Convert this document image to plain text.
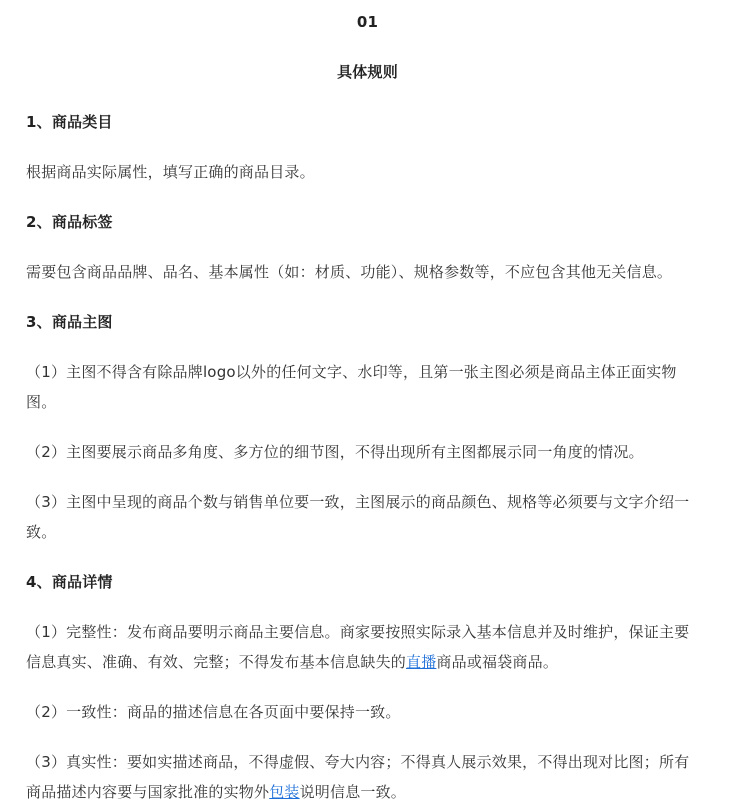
01
具体规则
1、商品类目
根据商品实际属性，填写正确的商品目录。
2、商品标签
需要包含商品品牌、品名、基本属性（如：材质、功能）、规格参数等，不应包含其他无关信息。
3、商品主图
（1）主图不得含有除品牌logo以外的任何文字、水印等，且第一张主图必须是商品主体正面实物
图。
（2）主图要展示商品多角度、多方位的细节图，不得出现所有主图都展示同一角度的情况。
（3）主图中呈现的商品个数与销售单位要一致，主图展示的商品颜色、规格等必须要与文字介绍一
致。
4、商品详情
（1）完整性：发布商品要明示商品主要信息。商家要按照实际录入基本信息并及时维护，保证主要
信息真实、准确、有效、完整；不得发布基本信息缺失的直播商品或福袋商品。
（2）一致性：商品的描述信息在各页面中要保持一致。
（3）真实性：要如实描述商品，不得虚假、夸大内容；不得真人展示效果，不得出现对比图；所有
商品描述内容要与国家批准的实物外包装说明信息一致。
